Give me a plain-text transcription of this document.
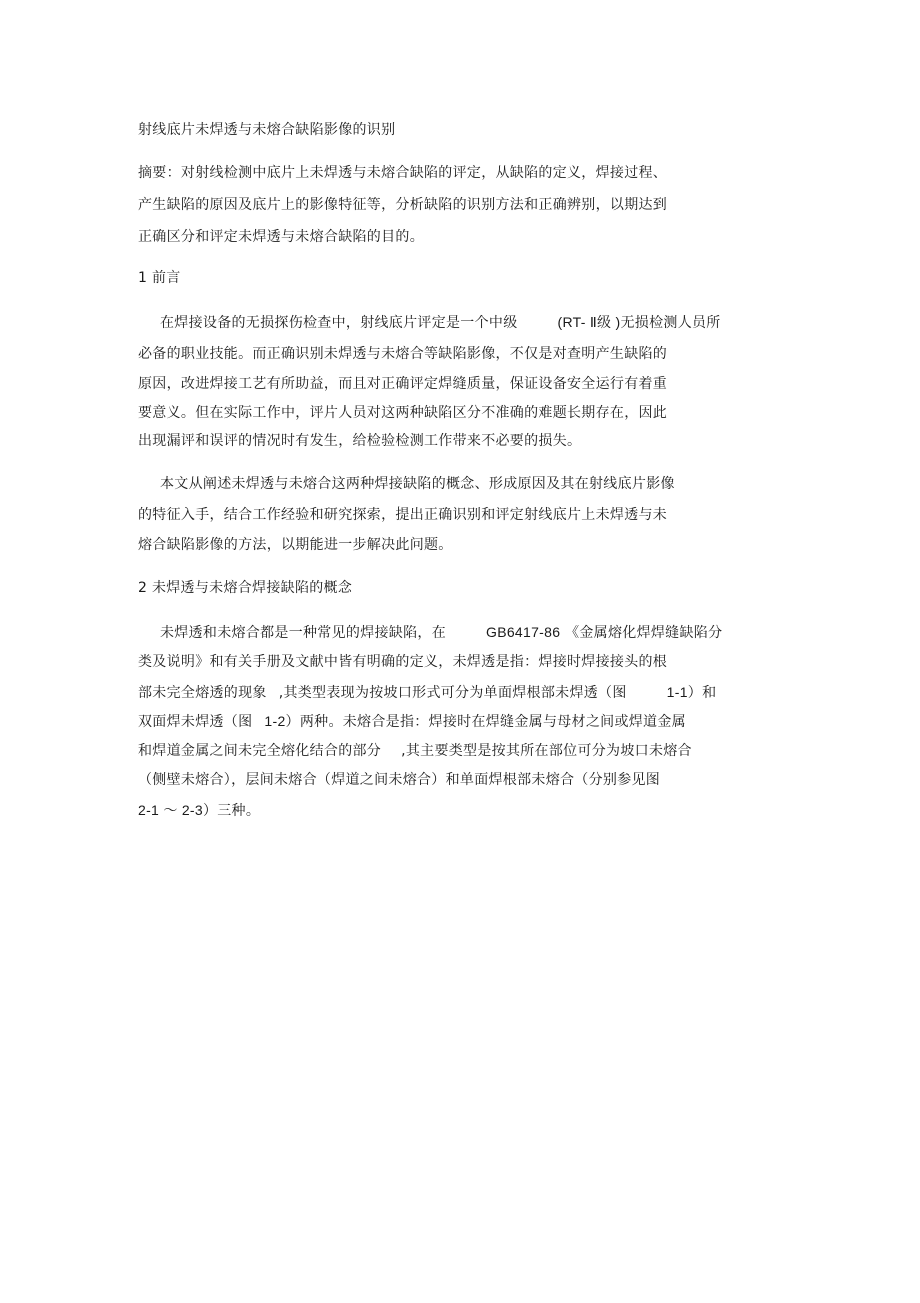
射线底片未焊透与未熔合缺陷影像的识别
摘要：对射线检测中底片上未焊透与未熔合缺陷的评定，从缺陷的定义，焊接过程、
产生缺陷的原因及底片上的影像特征等，分析缺陷的识别方法和正确辨别，以期达到
正确区分和评定未焊透与未熔合缺陷的目的。
1 前言
在焊接设备的无损探伤检查中，射线底片评定是一个中级	(RT- Ⅱ级 )无损检测人员所
必备的职业技能。而正确识别未焊透与未熔合等缺陷影像，不仅是对查明产生缺陷的
原因，改进焊接工艺有所助益，而且对正确评定焊缝质量，保证设备安全运行有着重
要意义。但在实际工作中，评片人员对这两种缺陷区分不准确的难题长期存在，因此
出现漏评和误评的情况时有发生，给检验检测工作带来不必要的损失。
本文从阐述未焊透与未熔合这两种焊接缺陷的概念、形成原因及其在射线底片影像
的特征入手，结合工作经验和研究探索，提出正确识别和评定射线底片上未焊透与未
熔合缺陷影像的方法，以期能进一步解决此问题。
2 未焊透与未熔合焊接缺陷的概念
未焊透和未熔合都是一种常见的焊接缺陷，在	GB6417-86 《金属熔化焊焊缝缺陷分
类及说明》和有关手册及文献中皆有明确的定义，未焊透是指：焊接时焊接接头的根
部未完全熔透的现象 ,其类型表现为按坡口形式可分为单面焊根部未焊透（图	1-1）和
双面焊未焊透（图 1-2）两种。未熔合是指：焊接时在焊缝金属与母材之间或焊道金属
和焊道金属之间未完全熔化结合的部分 ,其主要类型是按其所在部位可分为坡口未熔合
（侧壁未熔合），层间未熔合（焊道之间未熔合）和单面焊根部未熔合（分别参见图
2-1 ～ 2-3）三种。
